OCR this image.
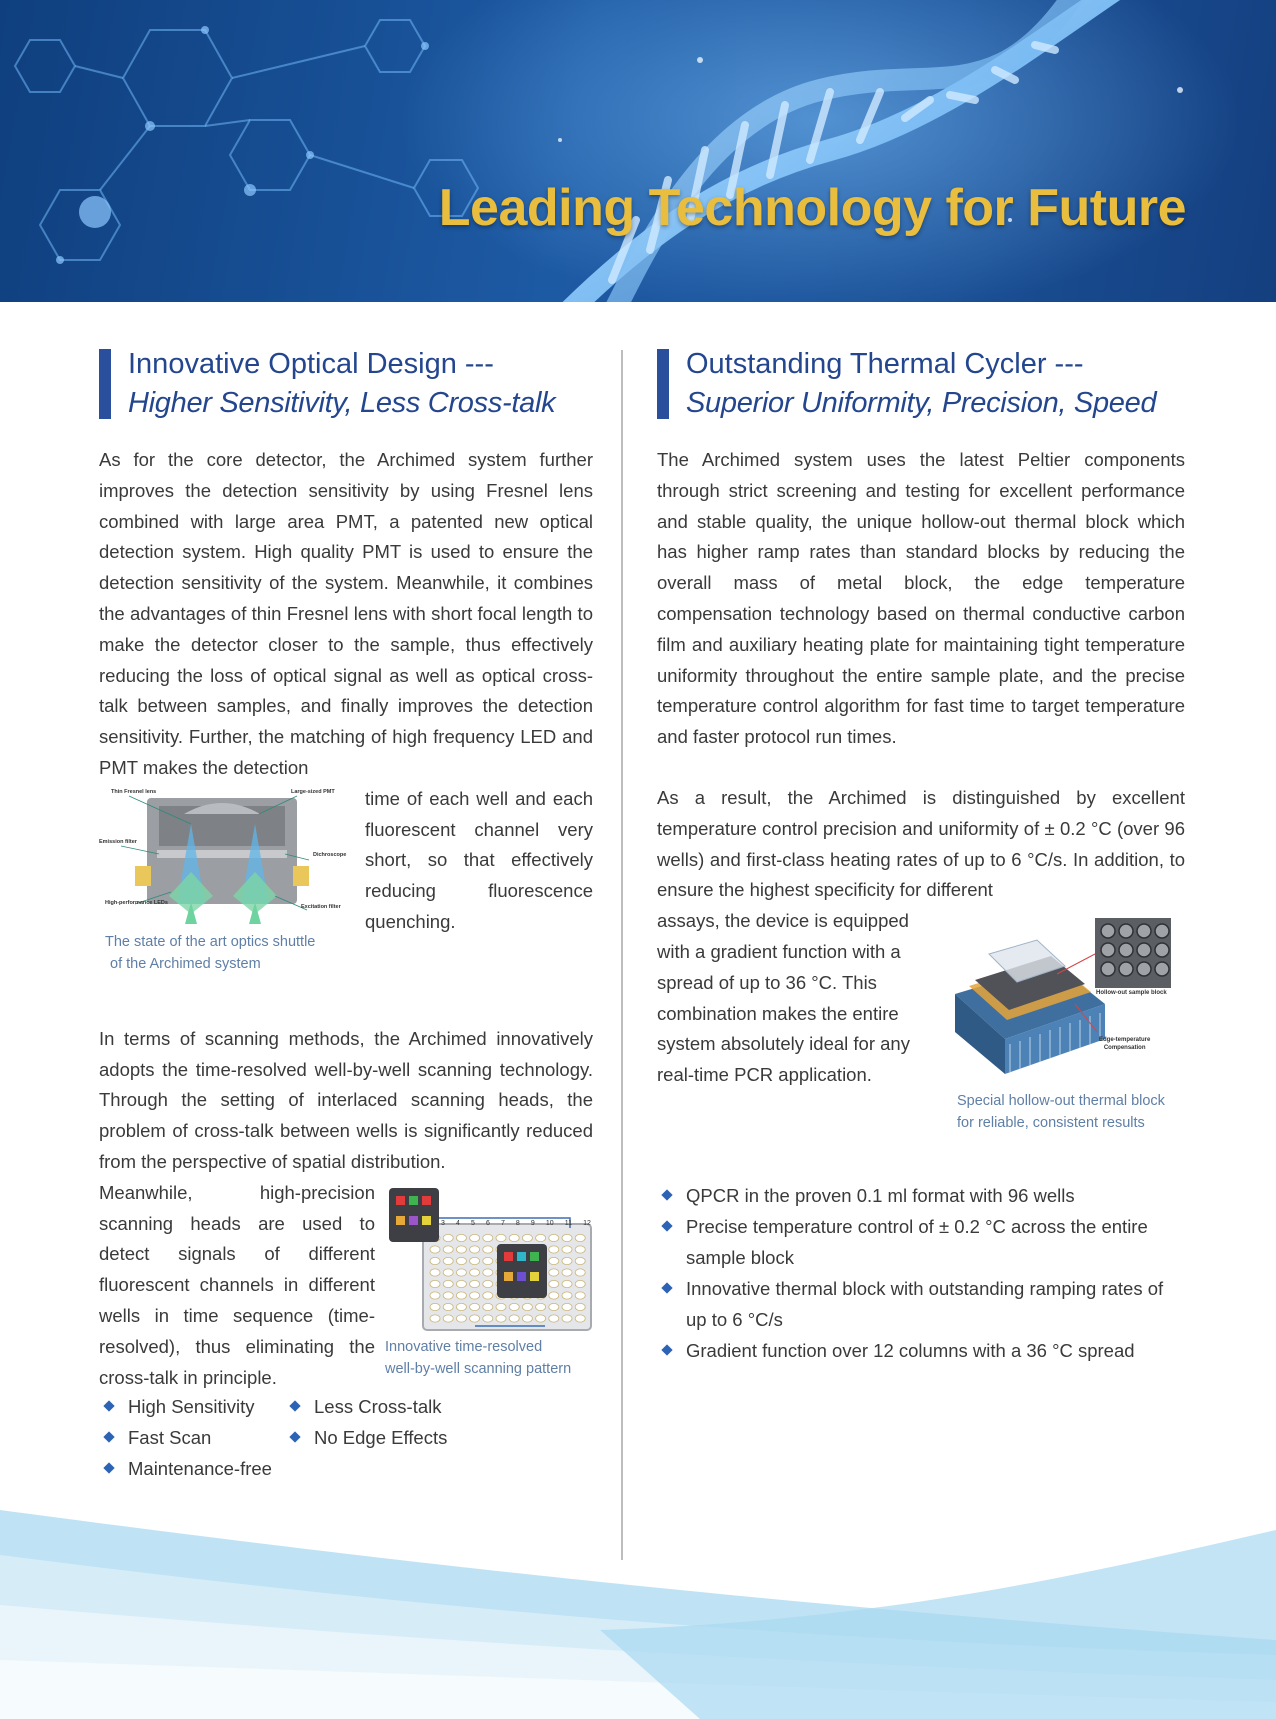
Leading Technology for Future
Innovative Optical Design ---
Higher Sensitivity, Less Cross-talk

As for the core detector, the Archimed system further improves the detection sensitivity by using Fresnel lens combined with large area PMT, a patented new optical detection system. High quality PMT is used to ensure the detection sensitivity of the system. Meanwhile, it combines the advantages of thin Fresnel lens with short focal length to make the detector closer to the sample, thus effectively reducing the loss of optical signal as well as optical cross-talk between samples, and finally improves the detection sensitivity. Further, the matching of high frequency LED and PMT makes the detection

Thin Fresnel lens	Large-sized PMT
Emission filter
Dichroscope
High-performance LEDs
Excitation filter
The state of the art optics shuttle
of the Archimed system

time of each well and each fluorescent channel very short, so that effectively reducing fluorescence quenching.

In terms of scanning methods, the Archimed innovatively adopts the time-resolved well-by-well scanning technology. Through the setting of interlaced scanning heads, the problem of cross-talk between wells is significantly reduced from the perspective of spatial distribution.

Meanwhile, high-precision scanning heads are used to detect signals of different fluorescent channels in different wells in time sequence (time-resolved), thus eliminating the cross-talk in principle.

3 4 5 6 7 8 9 10 11 12
Innovative time-resolved
well-by-well scanning pattern
High Sensitivity
Fast Scan
Maintenance-free
Less Cross-talk
No Edge Effects
Outstanding Thermal Cycler ---
Superior Uniformity, Precision, Speed

The Archimed system uses the latest Peltier components through strict screening and testing for excellent performance and stable quality, the unique hollow-out thermal block which has higher ramp rates than standard blocks by reducing the overall mass of metal block, the edge temperature compensation technology based on thermal conductive carbon film and auxiliary heating plate for maintaining tight temperature uniformity throughout the entire sample plate, and the precise temperature control algorithm for fast time to target temperature and faster protocol run times.

As a result, the Archimed is distinguished by excellent temperature control precision and uniformity of ± 0.2 °C (over 96 wells) and first-class heating rates of up to 6 °C/s. In addition, to ensure the highest specificity for different

assays, the device is equipped with a gradient function with a spread of up to 36 °C. This combination makes the entire system absolutely ideal for any real-time PCR application.

Hollow-out sample block
Edge-temperature
Compensation
Special hollow-out thermal block
for reliable, consistent results
QPCR in the proven 0.1 ml format with 96 wells
Precise temperature control of ± 0.2 °C across the entire sample block
Innovative thermal block with outstanding ramping rates of up to 6 °C/s
Gradient function over 12 columns with a 36 °C spread
